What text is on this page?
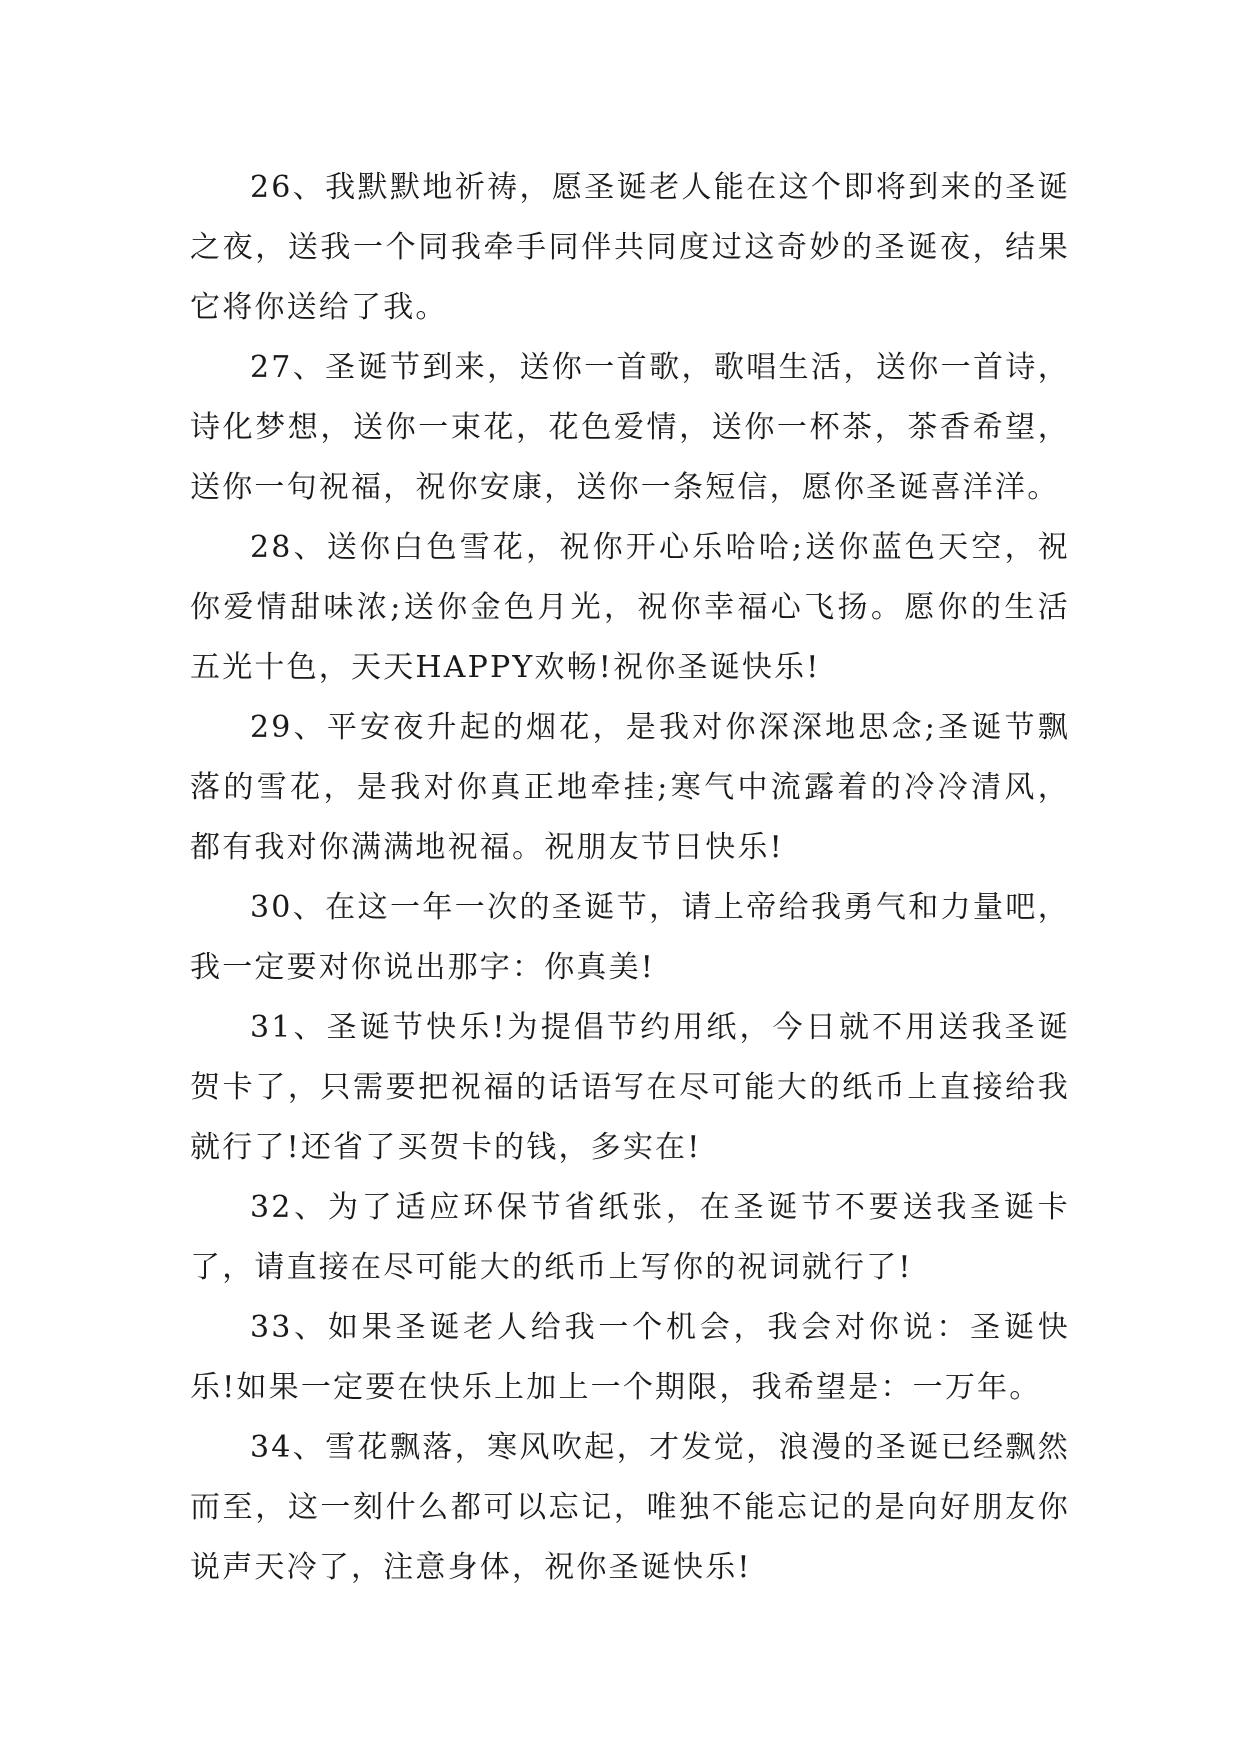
26、我默默地祈祷，愿圣诞老人能在这个即将到来的圣诞之夜，送我一个同我牵手同伴共同度过这奇妙的圣诞夜，结果它将你送给了我。

27、圣诞节到来，送你一首歌，歌唱生活，送你一首诗，诗化梦想，送你一束花，花色爱情，送你一杯茶，茶香希望，送你一句祝福，祝你安康，送你一条短信，愿你圣诞喜洋洋。

28、送你白色雪花，祝你开心乐哈哈;送你蓝色天空，祝你爱情甜味浓;送你金色月光，祝你幸福心飞扬。愿你的生活五光十色，天天HAPPY欢畅!祝你圣诞快乐!

29、平安夜升起的烟花，是我对你深深地思念;圣诞节飘落的雪花，是我对你真正地牵挂;寒气中流露着的冷冷清风，都有我对你满满地祝福。祝朋友节日快乐!

30、在这一年一次的圣诞节，请上帝给我勇气和力量吧，我一定要对你说出那字：你真美!

31、圣诞节快乐!为提倡节约用纸，今日就不用送我圣诞贺卡了，只需要把祝福的话语写在尽可能大的纸币上直接给我就行了!还省了买贺卡的钱，多实在!

32、为了适应环保节省纸张，在圣诞节不要送我圣诞卡了，请直接在尽可能大的纸币上写你的祝词就行了!

33、如果圣诞老人给我一个机会，我会对你说：圣诞快乐!如果一定要在快乐上加上一个期限，我希望是：一万年。

34、雪花飘落，寒风吹起，才发觉，浪漫的圣诞已经飘然而至，这一刻什么都可以忘记，唯独不能忘记的是向好朋友你说声天冷了，注意身体，祝你圣诞快乐!
